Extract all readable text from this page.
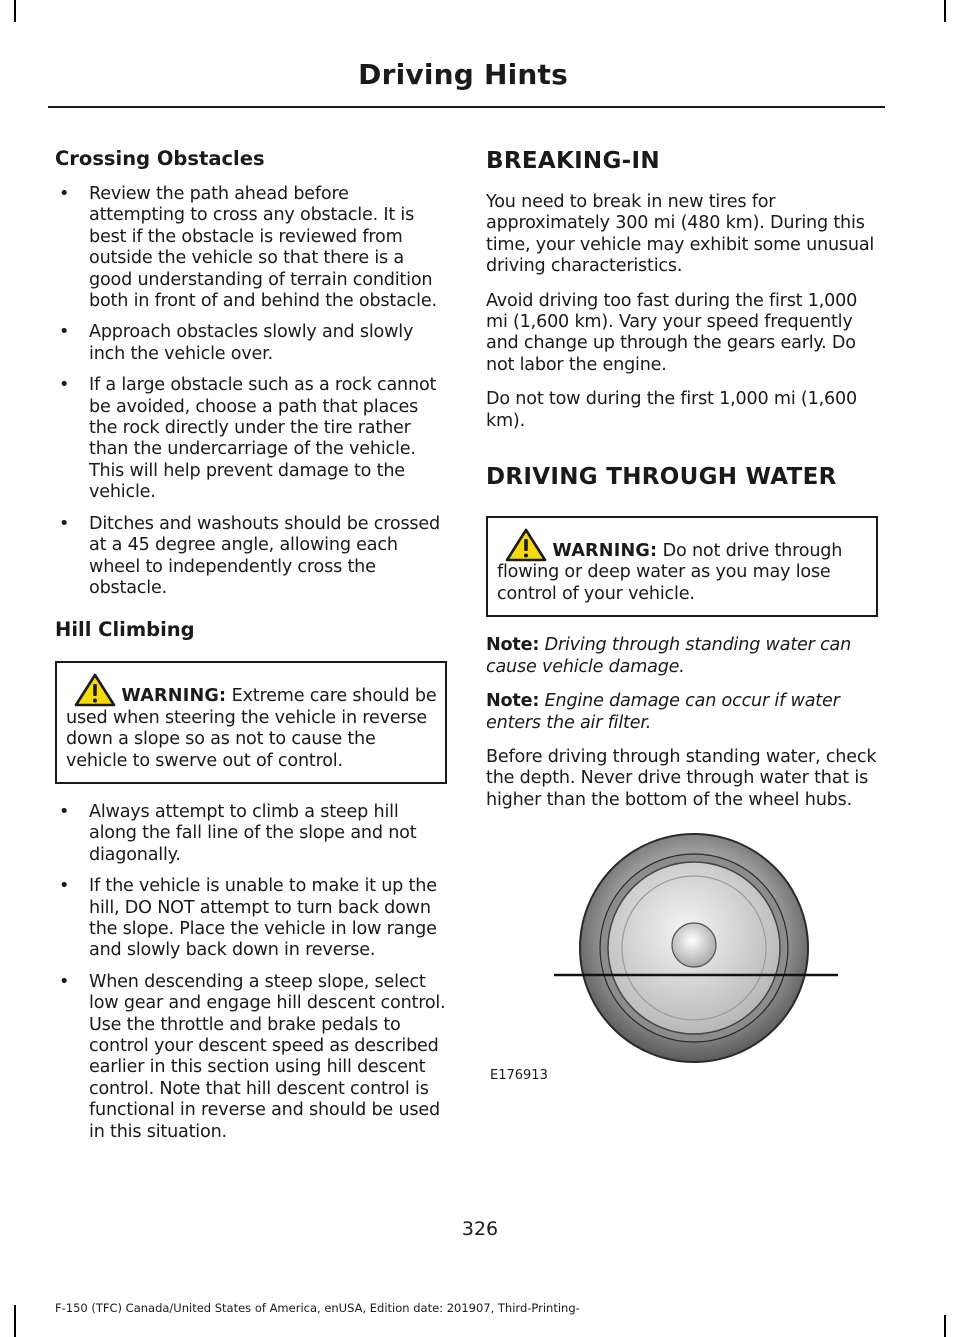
Driving Hints
Crossing Obstacles
• Review the path ahead before attempting to cross any obstacle. It is best if the obstacle is reviewed from outside the vehicle so that there is a good understanding of terrain condition both in front of and behind the obstacle.
• Approach obstacles slowly and slowly inch the vehicle over.
• If a large obstacle such as a rock cannot be avoided, choose a path that places the rock directly under the tire rather than the undercarriage of the vehicle. This will help prevent damage to the vehicle.
• Ditches and washouts should be crossed at a 45 degree angle, allowing each wheel to independently cross the obstacle.
Hill Climbing
WARNING: Extreme care should be used when steering the vehicle in reverse down a slope so as not to cause the vehicle to swerve out of control.
• Always attempt to climb a steep hill along the fall line of the slope and not diagonally.
• If the vehicle is unable to make it up the hill, DO NOT attempt to turn back down the slope. Place the vehicle in low range and slowly back down in reverse.
• When descending a steep slope, select low gear and engage hill descent control. Use the throttle and brake pedals to control your descent speed as described earlier in this section using hill descent control. Note that hill descent control is functional in reverse and should be used in this situation.
BREAKING-IN

You need to break in new tires for approximately 300 mi (480 km). During this time, your vehicle may exhibit some unusual driving characteristics.

Avoid driving too fast during the first 1,000 mi (1,600 km). Vary your speed frequently and change up through the gears early. Do not labor the engine.

Do not tow during the first 1,000 mi (1,600 km).

DRIVING THROUGH WATER
WARNING: Do not drive through flowing or deep water as you may lose control of your vehicle.

Note: Driving through standing water can cause vehicle damage.

Note: Engine damage can occur if water enters the air filter.

Before driving through standing water, check the depth. Never drive through water that is higher than the bottom of the wheel hubs.

E176913
326
F-150 (TFC) Canada/United States of America, enUSA, Edition date: 201907, Third-Printing-
